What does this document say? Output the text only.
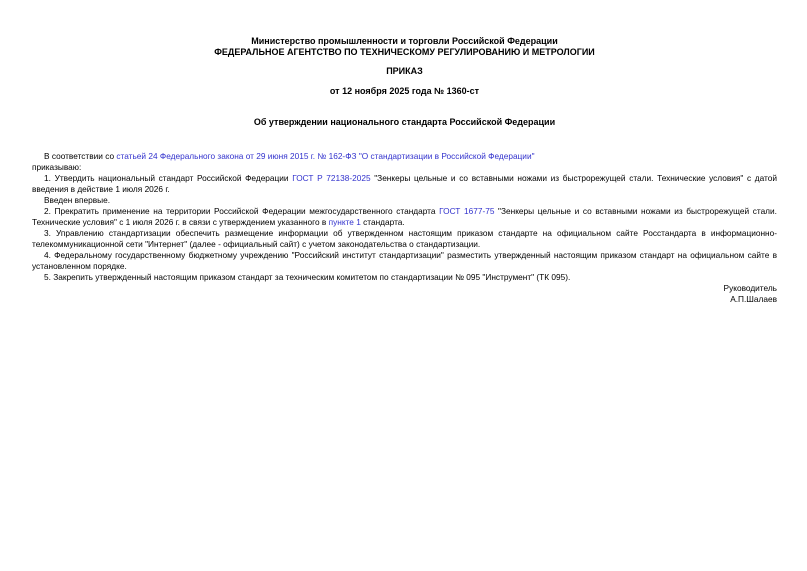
Министерство промышленности и торговли Российской Федерации

ФЕДЕРАЛЬНОЕ АГЕНТСТВО ПО ТЕХНИЧЕСКОМУ РЕГУЛИРОВАНИЮ И МЕТРОЛОГИИ

ПРИКАЗ

от 12 ноября 2025 года № 1360-ст

Об утверждении национального стандарта Российской Федерации

В соответствии со статьей 24 Федерального закона от 29 июня 2015 г. № 162-ФЗ "О стандартизации в Российской Федерации"
приказываю:

1. Утвердить национальный стандарт Российской Федерации ГОСТ Р 72138-2025 "Зенкеры цельные и со вставными ножами из быстрорежущей стали. Технические условия" с датой введения в действие 1 июля 2026 г.

Введен впервые.

2. Прекратить применение на территории Российской Федерации межгосударственного стандарта ГОСТ 1677-75 "Зенкеры цельные и со вставными ножами из быстрорежущей стали. Технические условия" с 1 июля 2026 г. в связи с утверждением указанного в пункте 1 стандарта.

3. Управлению стандартизации обеспечить размещение информации об утвержденном настоящим приказом стандарте на официальном сайте Росстандарта в информационно-телекоммуникационной сети "Интернет" (далее - официальный сайт) с учетом законодательства о стандартизации.

4. Федеральному государственному бюджетному учреждению "Российский институт стандартизации" разместить утвержденный настоящим приказом стандарт на официальном сайте в установленном порядке.

5. Закрепить утвержденный настоящим приказом стандарт за техническим комитетом по стандартизации № 095 "Инструмент" (ТК 095).

Руководитель

А.П.Шалаев
